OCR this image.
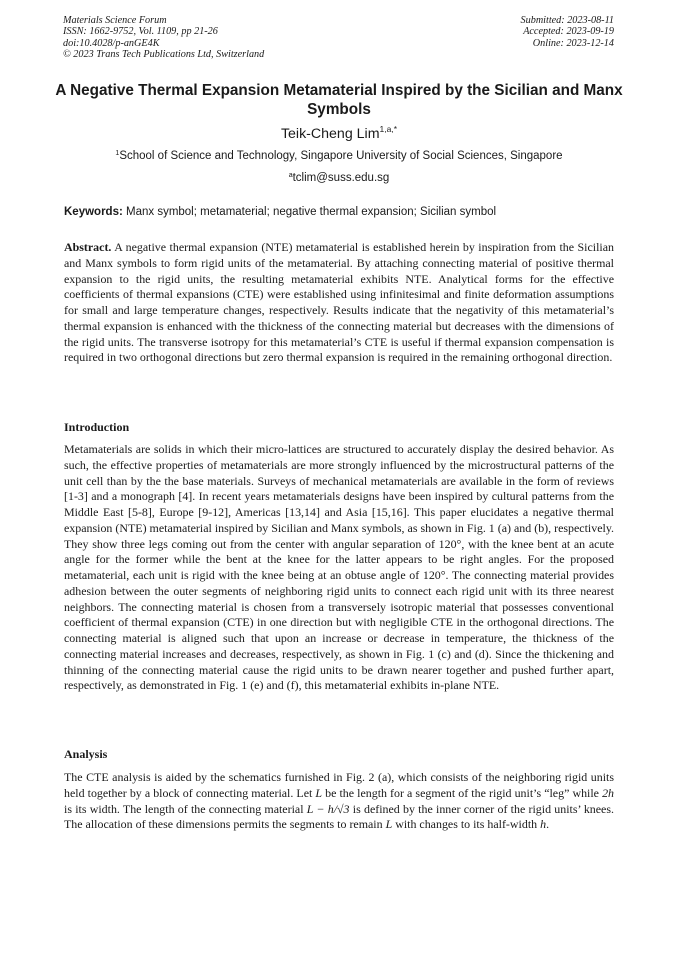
Materials Science Forum
ISSN: 1662-9752, Vol. 1109, pp 21-26
doi:10.4028/p-anGE4K
© 2023 Trans Tech Publications Ltd, Switzerland
Submitted: 2023-08-11
Accepted: 2023-09-19
Online: 2023-12-14
A Negative Thermal Expansion Metamaterial Inspired by the Sicilian and Manx Symbols
Teik-Cheng Lim$^{1,a,*}$
$^1$School of Science and Technology, Singapore University of Social Sciences, Singapore
$^a$tclim@suss.edu.sg

Keywords: Manx symbol; metamaterial; negative thermal expansion; Sicilian symbol

Abstract. A negative thermal expansion (NTE) metamaterial is established herein by inspiration from the Sicilian and Manx symbols to form rigid units of the metamaterial. By attaching connecting material of positive thermal expansion to the rigid units, the resulting metamaterial exhibits NTE. Analytical forms for the effective coefficients of thermal expansions (CTE) were established using infinitesimal and finite deformation assumptions for small and large temperature changes, respectively. Results indicate that the negativity of this metamaterial’s thermal expansion is enhanced with the thickness of the connecting material but decreases with the dimensions of the rigid units. The transverse isotropy for this metamaterial’s CTE is useful if thermal expansion compensation is required in two orthogonal directions but zero thermal expansion is required in the remaining orthogonal direction.

Introduction

Metamaterials are solids in which their micro-lattices are structured to accurately display the desired behavior. As such, the effective properties of metamaterials are more strongly influenced by the microstructural patterns of the unit cell than by the the base materials. Surveys of mechanical metamaterials are available in the form of reviews [1-3] and a monograph [4]. In recent years metamaterials designs have been inspired by cultural patterns from the Middle East [5-8], Europe [9-12], Americas [13,14] and Asia [15,16]. This paper elucidates a negative thermal expansion (NTE) metamaterial inspired by Sicilian and Manx symbols, as shown in Fig. 1 (a) and (b), respectively. They show three legs coming out from the center with angular separation of 120°, with the knee bent at an acute angle for the former while the bent at the knee for the latter appears to be right angles. For the proposed metamaterial, each unit is rigid with the knee being at an obtuse angle of 120°. The connecting material provides adhesion between the outer segments of neighboring rigid units to connect each rigid unit with its three nearest neighbors. The connecting material is chosen from a transversely isotropic material that possesses conventional coefficient of thermal expansion (CTE) in one direction but with negligible CTE in the orthogonal directions. The connecting material is aligned such that upon an increase or decrease in temperature, the thickness of the connecting material increases and decreases, respectively, as shown in Fig. 1 (c) and (d). Since the thickening and thinning of the connecting material cause the rigid units to be drawn nearer together and pushed further apart, respectively, as demonstrated in Fig. 1 (e) and (f), this metamaterial exhibits in-plane NTE.

Analysis

The CTE analysis is aided by the schematics furnished in Fig. 2 (a), which consists of the neighboring rigid units held together by a block of connecting material. Let L be the length for a segment of the rigid unit’s “leg” while 2h is its width. The length of the connecting material L − h/√3 is defined by the inner corner of the rigid units’ knees. The allocation of these dimensions permits the segments to remain L with changes to its half-width h.
